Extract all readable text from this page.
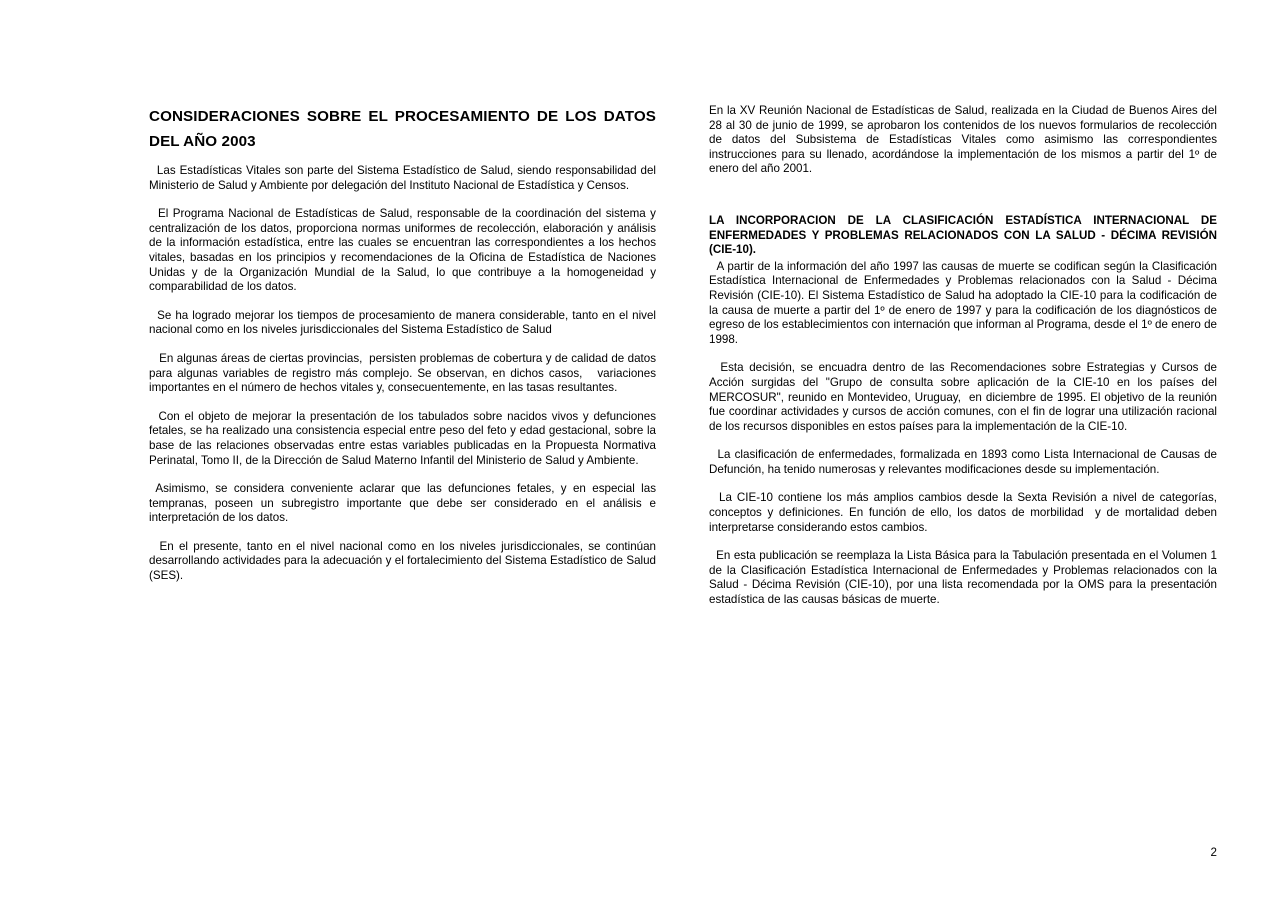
CONSIDERACIONES SOBRE EL PROCESAMIENTO DE LOS DATOS DEL AÑO 2003

Las Estadísticas Vitales son parte del Sistema Estadístico de Salud, siendo responsabilidad del Ministerio de Salud y Ambiente por delegación del Instituto Nacional de Estadística y Censos.

El Programa Nacional de Estadísticas de Salud, responsable de la coordinación del sistema y centralización de los datos, proporciona normas uniformes de recolección, elaboración y análisis de la información estadística, entre las cuales se encuentran las correspondientes a los hechos vitales, basadas en los principios y recomendaciones de la Oficina de Estadística de Naciones Unidas y de la Organización Mundial de la Salud, lo que contribuye a la homogeneidad y comparabilidad de los datos.

Se ha logrado mejorar los tiempos de procesamiento de manera considerable, tanto en el nivel nacional como en los niveles jurisdiccionales del Sistema Estadístico de Salud

En algunas áreas de ciertas provincias,  persisten problemas de cobertura y de calidad de datos para algunas variables de registro más complejo. Se observan, en dichos casos,   variaciones importantes en el número de hechos vitales y, consecuentemente, en las tasas resultantes.

Con el objeto de mejorar la presentación de los tabulados sobre nacidos vivos y defunciones fetales, se ha realizado una consistencia especial entre peso del feto y edad gestacional, sobre la base de las relaciones observadas entre estas variables publicadas en la Propuesta Normativa Perinatal, Tomo II, de la Dirección de Salud Materno Infantil del Ministerio de Salud y Ambiente.

Asimismo, se considera conveniente aclarar que las defunciones fetales, y en especial las tempranas, poseen un subregistro importante que debe ser considerado en el análisis e interpretación de los datos.

En el presente, tanto en el nivel nacional como en los niveles jurisdiccionales, se continúan desarrollando actividades para la adecuación y el fortalecimiento del Sistema Estadístico de Salud (SES).

En la XV Reunión Nacional de Estadísticas de Salud, realizada en la Ciudad de Buenos Aires del 28 al 30 de junio de 1999, se aprobaron los contenidos de los nuevos formularios de recolección de datos del Subsistema de Estadísticas Vitales como asimismo las correspondientes instrucciones para su llenado, acordándose la implementación de los mismos a partir del 1º de enero del año 2001.

LA INCORPORACION DE LA CLASIFICACIÓN ESTADÍSTICA INTERNACIONAL DE ENFERMEDADES Y PROBLEMAS RELACIONADOS CON LA SALUD - DÉCIMA REVISIÓN (CIE-10).

A partir de la información del año 1997 las causas de muerte se codifican según la Clasificación Estadística Internacional de Enfermedades y Problemas relacionados con la Salud - Décima Revisión (CIE-10). El Sistema Estadístico de Salud ha adoptado la CIE-10 para la codificación de la causa de muerte a partir del 1º de enero de 1997 y para la codificación de los diagnósticos de egreso de los establecimientos con internación que informan al Programa, desde el 1º de enero de 1998.

Esta decisión, se encuadra dentro de las Recomendaciones sobre Estrategias y Cursos de Acción surgidas del "Grupo de consulta sobre aplicación de la CIE-10 en los países del MERCOSUR", reunido en Montevideo, Uruguay,  en diciembre de 1995. El objetivo de la reunión fue coordinar actividades y cursos de acción comunes, con el fin de lograr una utilización racional de los recursos disponibles en estos países para la implementación de la CIE-10.

La clasificación de enfermedades, formalizada en 1893 como Lista Internacional de Causas de Defunción, ha tenido numerosas y relevantes modificaciones desde su implementación.

La CIE-10 contiene los más amplios cambios desde la Sexta Revisión a nivel de categorías, conceptos y definiciones. En función de ello, los datos de morbilidad  y de mortalidad deben interpretarse considerando estos cambios.

En esta publicación se reemplaza la Lista Básica para la Tabulación presentada en el Volumen 1 de la Clasificación Estadística Internacional de Enfermedades y Problemas relacionados con la Salud - Décima Revisión (CIE-10), por una lista recomendada por la OMS para la presentación estadística de las causas básicas de muerte.

2
